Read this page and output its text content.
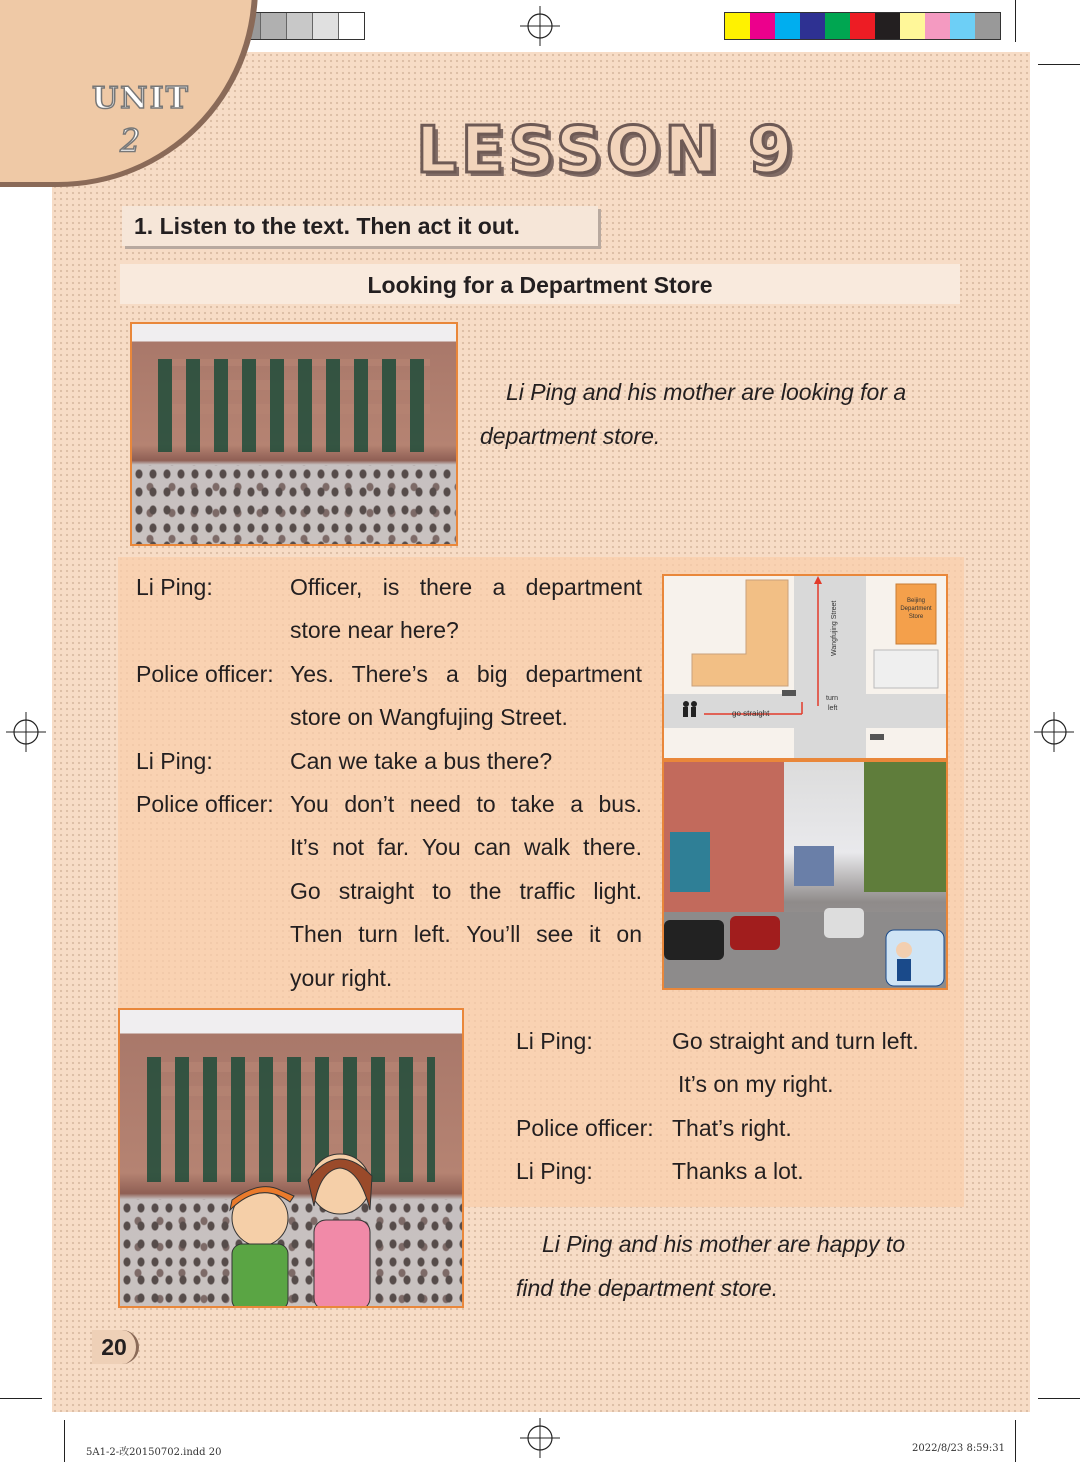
UNIT
2	LESSON 9
1. Listen to the text. Then act it out.
Looking for a Department Store
Li Ping and his mother are looking for a
department store.
Li Ping:	Officer, is there a department
store near here?
Police officer: Yes. There’s a big department
store on Wangfujing Street.
Li Ping:	Can we take a bus there?
Police officer: You don’t need to take a bus.
It’s not far. You can walk there.
Go straight to the traffic light.
Then turn left. You’ll see it on
your right.
Wangfujing Street	Beijing
Department
Store
go straight
turn
left
Li Ping:	Go straight and turn left.
It’s on my right.
Police officer: That’s right.
Li Ping:	Thanks a lot.
Li Ping and his mother are happy to
find the department store.
20
5A1-2-改20150702.indd 20	2022/8/23 8:59:31
